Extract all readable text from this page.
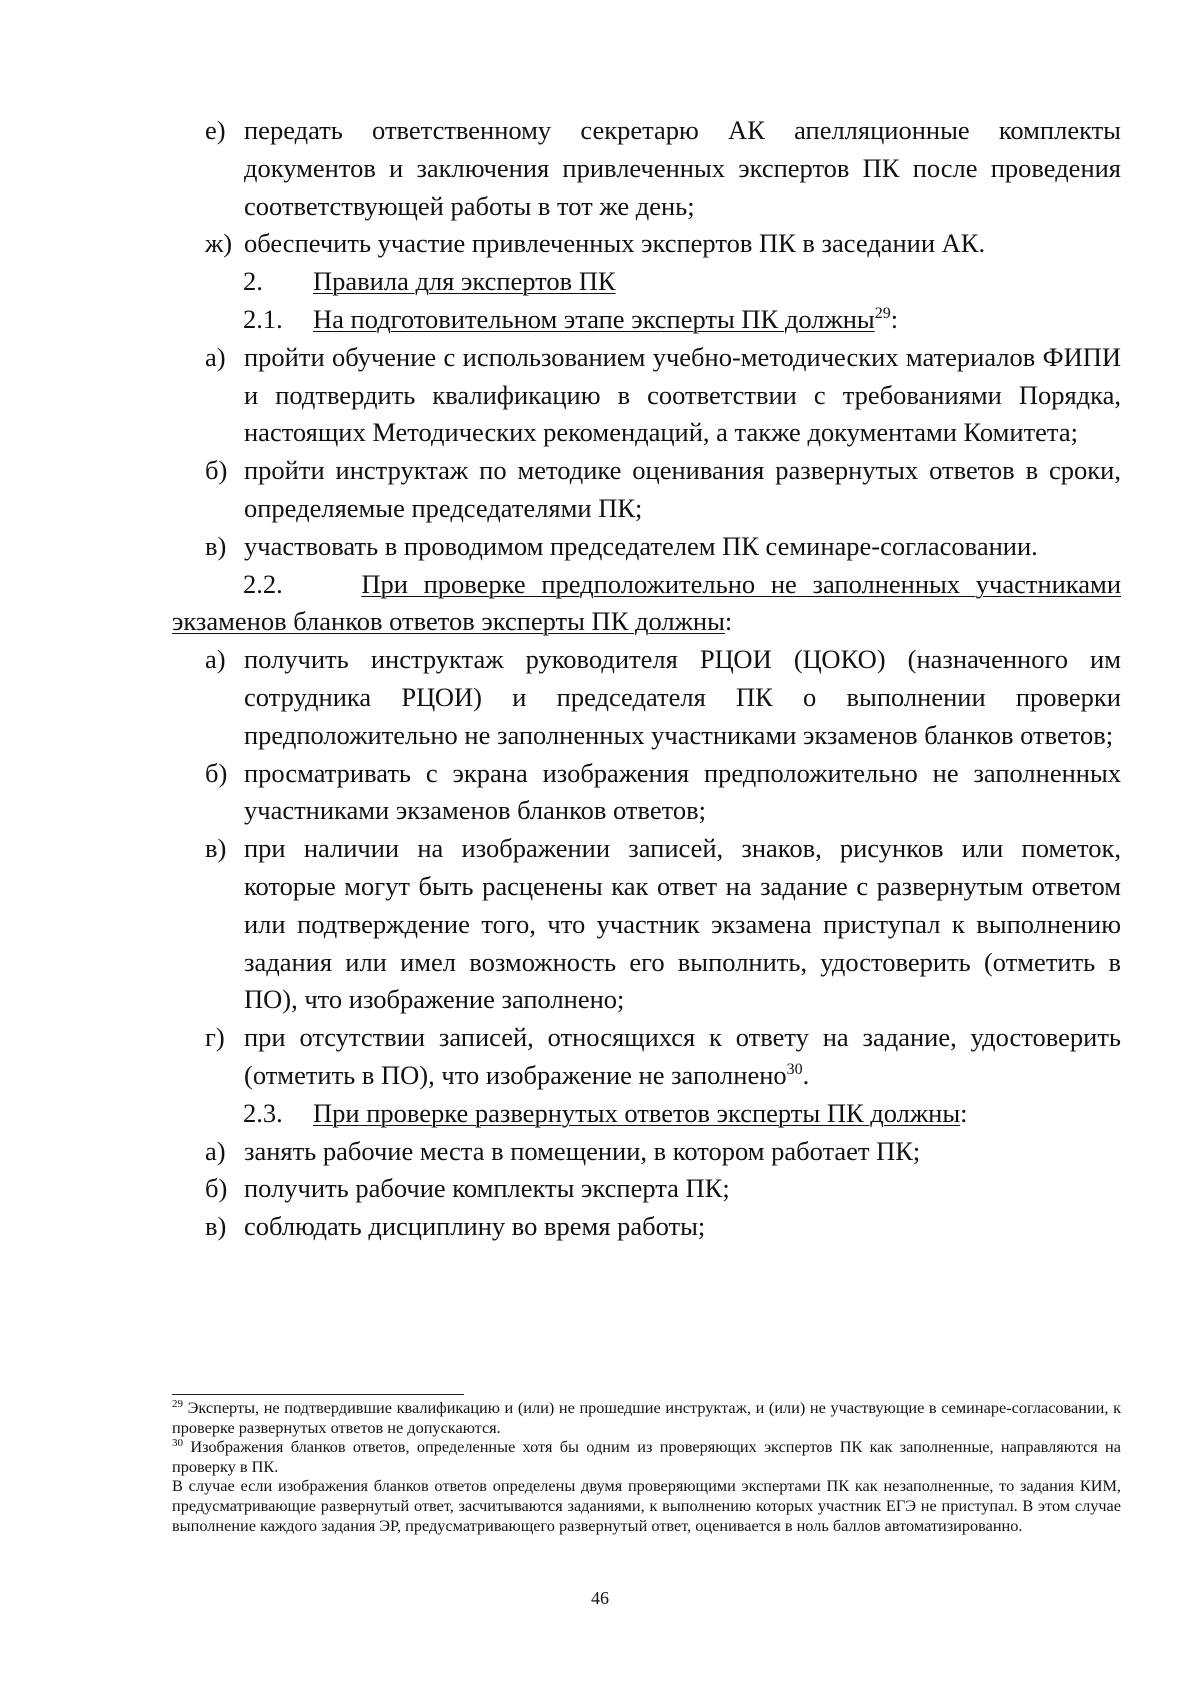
е) передать ответственному секретарю АК апелляционные комплекты документов и заключения привлеченных экспертов ПК после проведения соответствующей работы в тот же день;
ж) обеспечить участие привлеченных экспертов ПК в заседании АК.
2. Правила для экспертов ПК
2.1. На подготовительном этапе эксперты ПК должны$^{29}$:
а) пройти обучение с использованием учебно-методических материалов ФИПИ и подтвердить квалификацию в соответствии с требованиями Порядка, настоящих Методических рекомендаций, а также документами Комитета;
б) пройти инструктаж по методике оценивания развернутых ответов в сроки, определяемые председателями ПК;
в) участвовать в проводимом председателем ПК семинаре-согласовании.
2.2.	При проверке предположительно не заполненных участниками экзаменов бланков ответов эксперты ПК должны:
а) получить инструктаж руководителя РЦОИ (ЦОКО) (назначенного им сотрудника РЦОИ) и председателя ПК о выполнении проверки предположительно не заполненных участниками экзаменов бланков ответов;
б) просматривать с экрана изображения предположительно не заполненных участниками экзаменов бланков ответов;
в) при наличии на изображении записей, знаков, рисунков или пометок, которые могут быть расценены как ответ на задание с развернутым ответом или подтверждение того, что участник экзамена приступал к выполнению задания или имел возможность его выполнить, удостоверить (отметить в ПО), что изображение заполнено;
г) при отсутствии записей, относящихся к ответу на задание, удостоверить (отметить в ПО), что изображение не заполнено$^{30}$.
2.3. При проверке развернутых ответов эксперты ПК должны:
а) занять рабочие места в помещении, в котором работает ПК;
б) получить рабочие комплекты эксперта ПК;
в) соблюдать дисциплину во время работы;

$^{29}$ Эксперты, не подтвердившие квалификацию и (или) не прошедшие инструктаж, и (или) не участвующие в семинаре-согласовании, к проверке развернутых ответов не допускаются.

$^{30}$ Изображения бланков ответов, определенные хотя бы одним из проверяющих экспертов ПК как заполненные, направляются на проверку в ПК.

В случае если изображения бланков ответов определены двумя проверяющими экспертами ПК как незаполненные, то задания КИМ, предусматривающие развернутый ответ, засчитываются заданиями, к выполнению которых участник ЕГЭ не приступал. В этом случае выполнение каждого задания ЭР, предусматривающего развернутый ответ, оценивается в ноль баллов автоматизированно.

46
